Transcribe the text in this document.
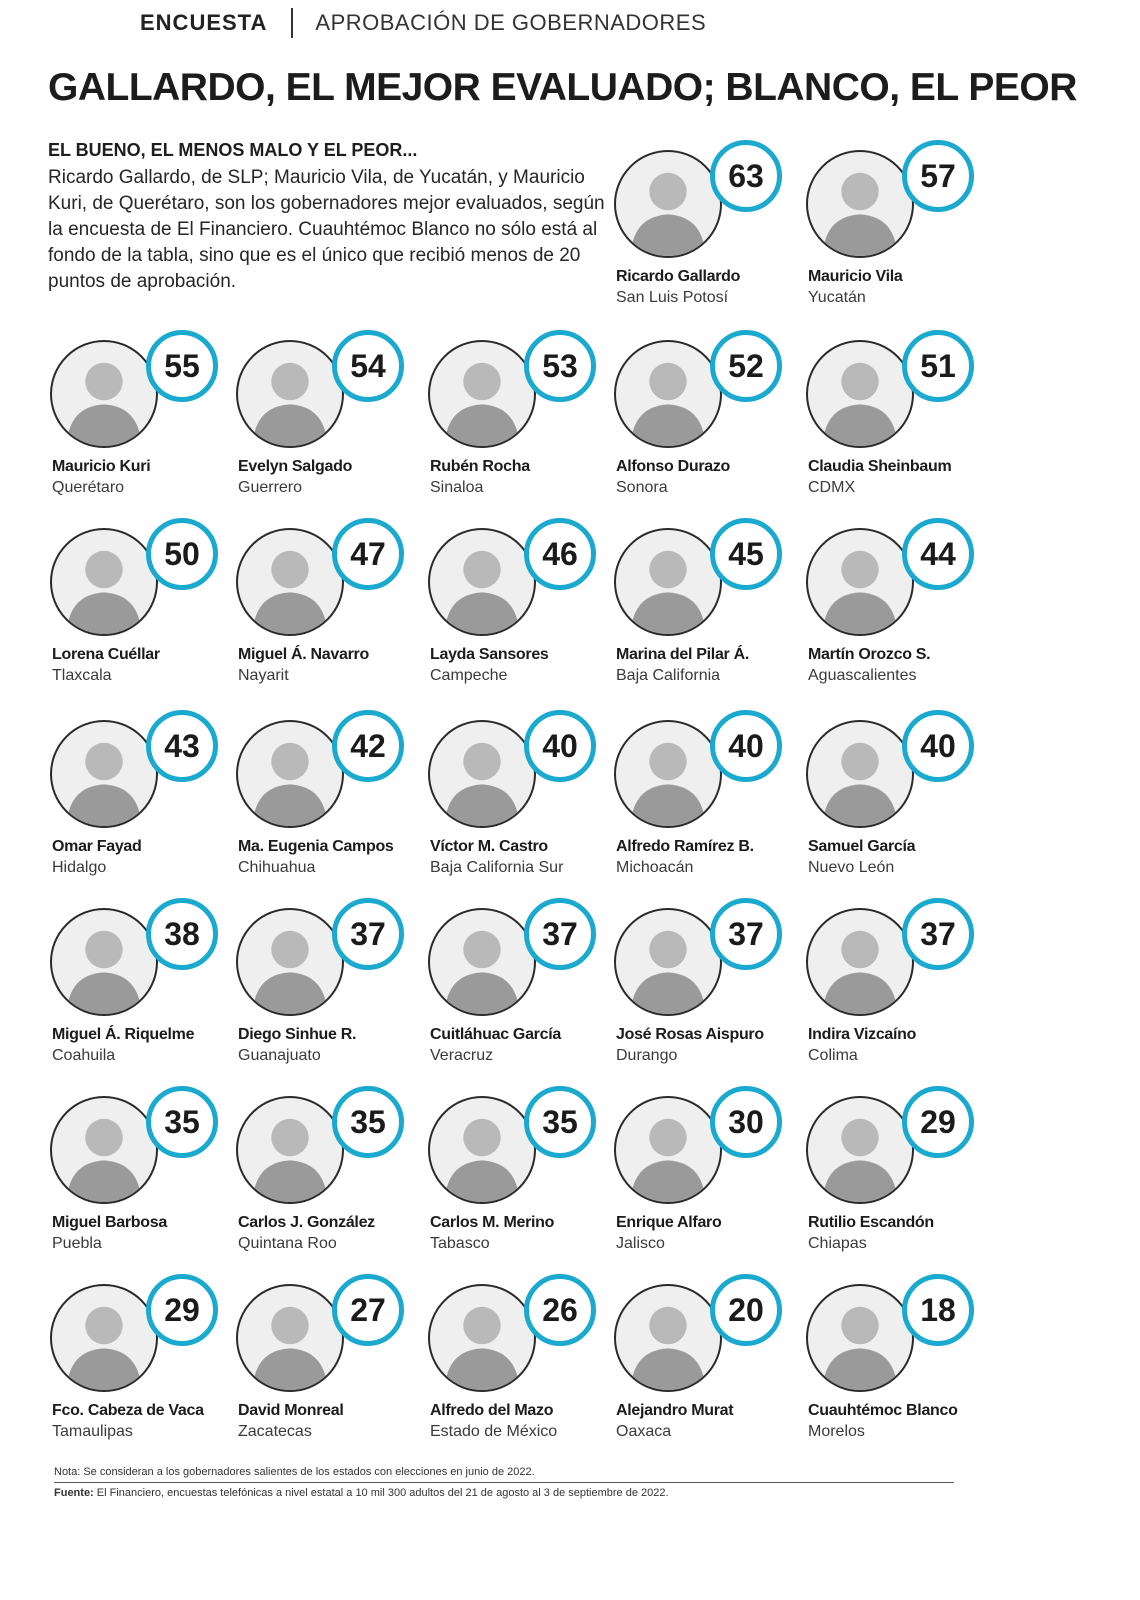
ENCUESTA APROBACIÓN DE GOBERNADORES
GALLARDO, EL MEJOR EVALUADO; BLANCO, EL PEOR

EL BUENO, EL MENOS MALO Y EL PEOR...

Ricardo Gallardo, de SLP; Mauricio Vila, de Yucatán, y Mauricio Kuri, de Querétaro, son los gobernadores mejor evaluados, según la encuesta de El Financiero. Cuauhtémoc Blanco no sólo está al fondo de la tabla, sino que es el único que recibió menos de 20 puntos de aprobación.

63
Ricardo Gallardo
San Luis Potosí
57
Mauricio Vila
Yucatán
55
Mauricio Kuri
Querétaro
54
Evelyn Salgado
Guerrero
53
Rubén Rocha
Sinaloa
52
Alfonso Durazo
Sonora
51
Claudia Sheinbaum
CDMX
50
Lorena Cuéllar
Tlaxcala
47
Miguel Á. Navarro
Nayarit
46
Layda Sansores
Campeche
45
Marina del Pilar Á.
Baja California
44
Martín Orozco S.
Aguascalientes
43
Omar Fayad
Hidalgo
42
Ma. Eugenia Campos
Chihuahua
40
Víctor M. Castro
Baja California Sur
40
Alfredo Ramírez B.
Michoacán
40
Samuel García
Nuevo León
38
Miguel Á. Riquelme
Coahuila
37
Diego Sinhue R.
Guanajuato
37
Cuitláhuac García
Veracruz
37
José Rosas Aispuro
Durango
37
Indira Vizcaíno
Colima
35
Miguel Barbosa
Puebla
35
Carlos J. González
Quintana Roo
35
Carlos M. Merino
Tabasco
30
Enrique Alfaro
Jalisco
29
Rutilio Escandón
Chiapas
29
Fco. Cabeza de Vaca
Tamaulipas
27
David Monreal
Zacatecas
26
Alfredo del Mazo
Estado de México
20
Alejandro Murat
Oaxaca
18
Cuauhtémoc Blanco
Morelos
Nota: Se consideran a los gobernadores salientes de los estados con elecciones en junio de 2022.
Fuente: El Financiero, encuestas telefónicas a nivel estatal a 10 mil 300 adultos del 21 de agosto al 3 de septiembre de 2022.
